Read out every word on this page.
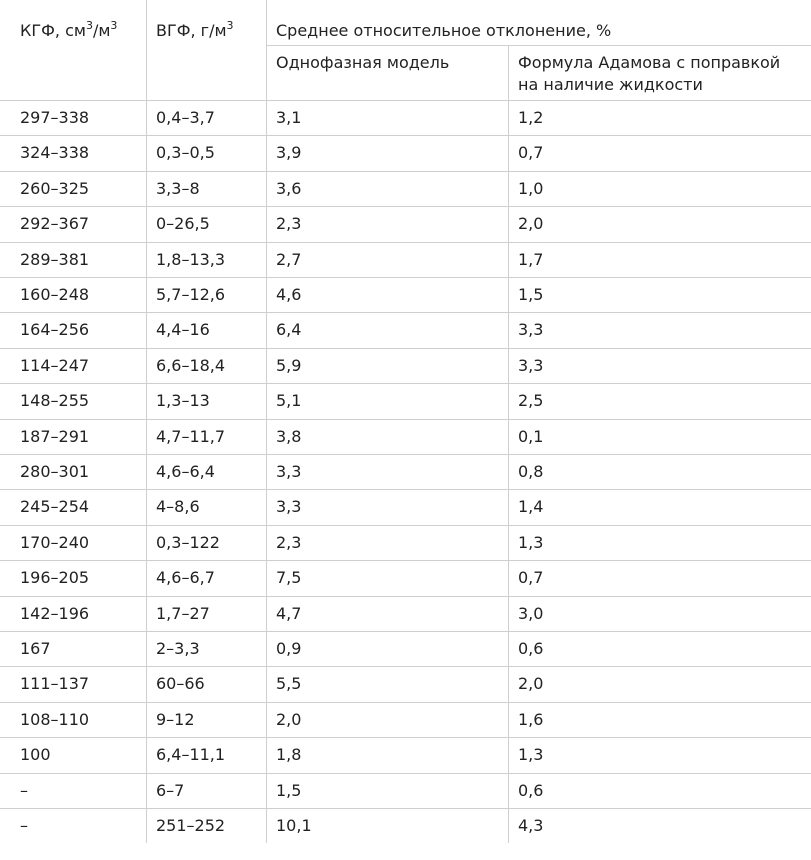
КГФ, $см^3/м^3$ ВГФ, $г/м^3$	Среднее относительное отклонение, %
Однофазная модель	Формула Адамова с поправкой
на наличие жидкости
297–338	0,4–3,7	3,1	1,2
324–338	0,3–0,5	3,9	0,7
260–325	3,3–8	3,6	1,0
292–367	0–26,5	2,3	2,0
289–381	1,8–13,3	2,7	1,7
160–248	5,7–12,6	4,6	1,5
164–256	4,4–16	6,4	3,3
114–247	6,6–18,4	5,9	3,3
148–255	1,3–13	5,1	2,5
187–291	4,7–11,7	3,8	0,1
280–301	4,6–6,4	3,3	0,8
245–254	4–8,6	3,3	1,4
170–240	0,3–122	2,3	1,3
196–205	4,6–6,7	7,5	0,7
142–196	1,7–27	4,7	3,0
167	2–3,3	0,9	0,6
111–137	60–66	5,5	2,0
108–110	9–12	2,0	1,6
100	6,4–11,1	1,8	1,3
–	6–7	1,5	0,6
–	251–252	10,1	4,3
